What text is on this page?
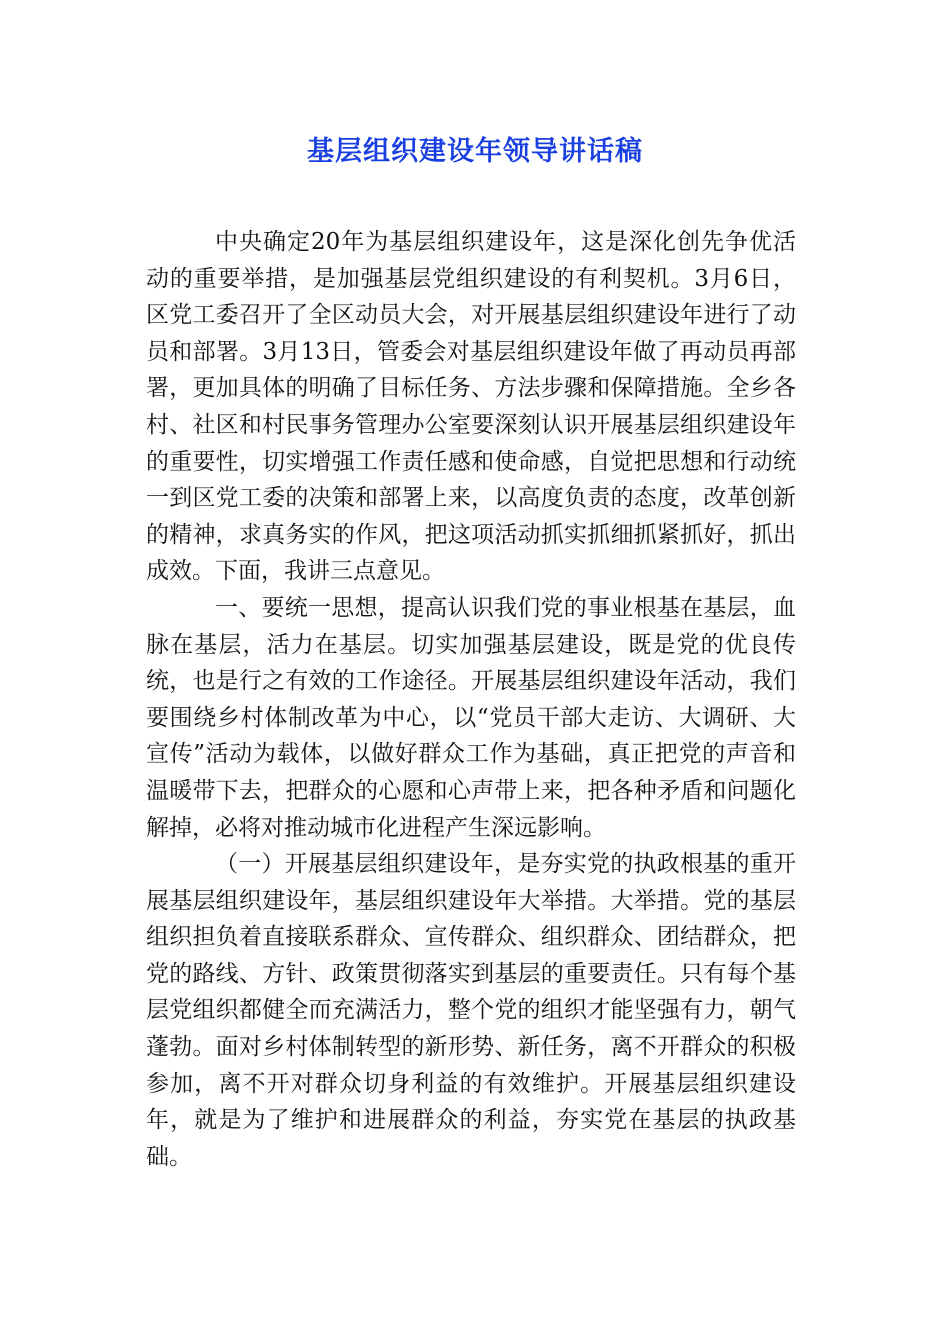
基层组织建设年领导讲话稿

中央确定20年为基层组织建设年，这是深化创先争优活动的重要举措，是加强基层党组织建设的有利契机。3月6日，区党工委召开了全区动员大会，对开展基层组织建设年进行了动员和部署。3月13日，管委会对基层组织建设年做了再动员再部署，更加具体的明确了目标任务、方法步骤和保障措施。全乡各村、社区和村民事务管理办公室要深刻认识开展基层组织建设年的重要性，切实增强工作责任感和使命感，自觉把思想和行动统一到区党工委的决策和部署上来，以高度负责的态度，改革创新的精神，求真务实的作风，把这项活动抓实抓细抓紧抓好，抓出成效。下面，我讲三点意见。

一、要统一思想，提高认识我们党的事业根基在基层，血脉在基层，活力在基层。切实加强基层建设，既是党的优良传统，也是行之有效的工作途径。开展基层组织建设年活动，我们要围绕乡村体制改革为中心，以“党员干部大走访、大调研、大宣传”活动为载体，以做好群众工作为基础，真正把党的声音和温暖带下去，把群众的心愿和心声带上来，把各种矛盾和问题化解掉，必将对推动城市化进程产生深远影响。

（一）开展基层组织建设年，是夯实党的执政根基的重开展基层组织建设年，基层组织建设年大举措。大举措。党的基层组织担负着直接联系群众、宣传群众、组织群众、团结群众，把党的路线、方针、政策贯彻落实到基层的重要责任。只有每个基层党组织都健全而充满活力，整个党的组织才能坚强有力，朝气蓬勃。面对乡村体制转型的新形势、新任务，离不开群众的积极参加，离不开对群众切身利益的有效维护。开展基层组织建设年，就是为了维护和进展群众的利益，夯实党在基层的执政基础。
